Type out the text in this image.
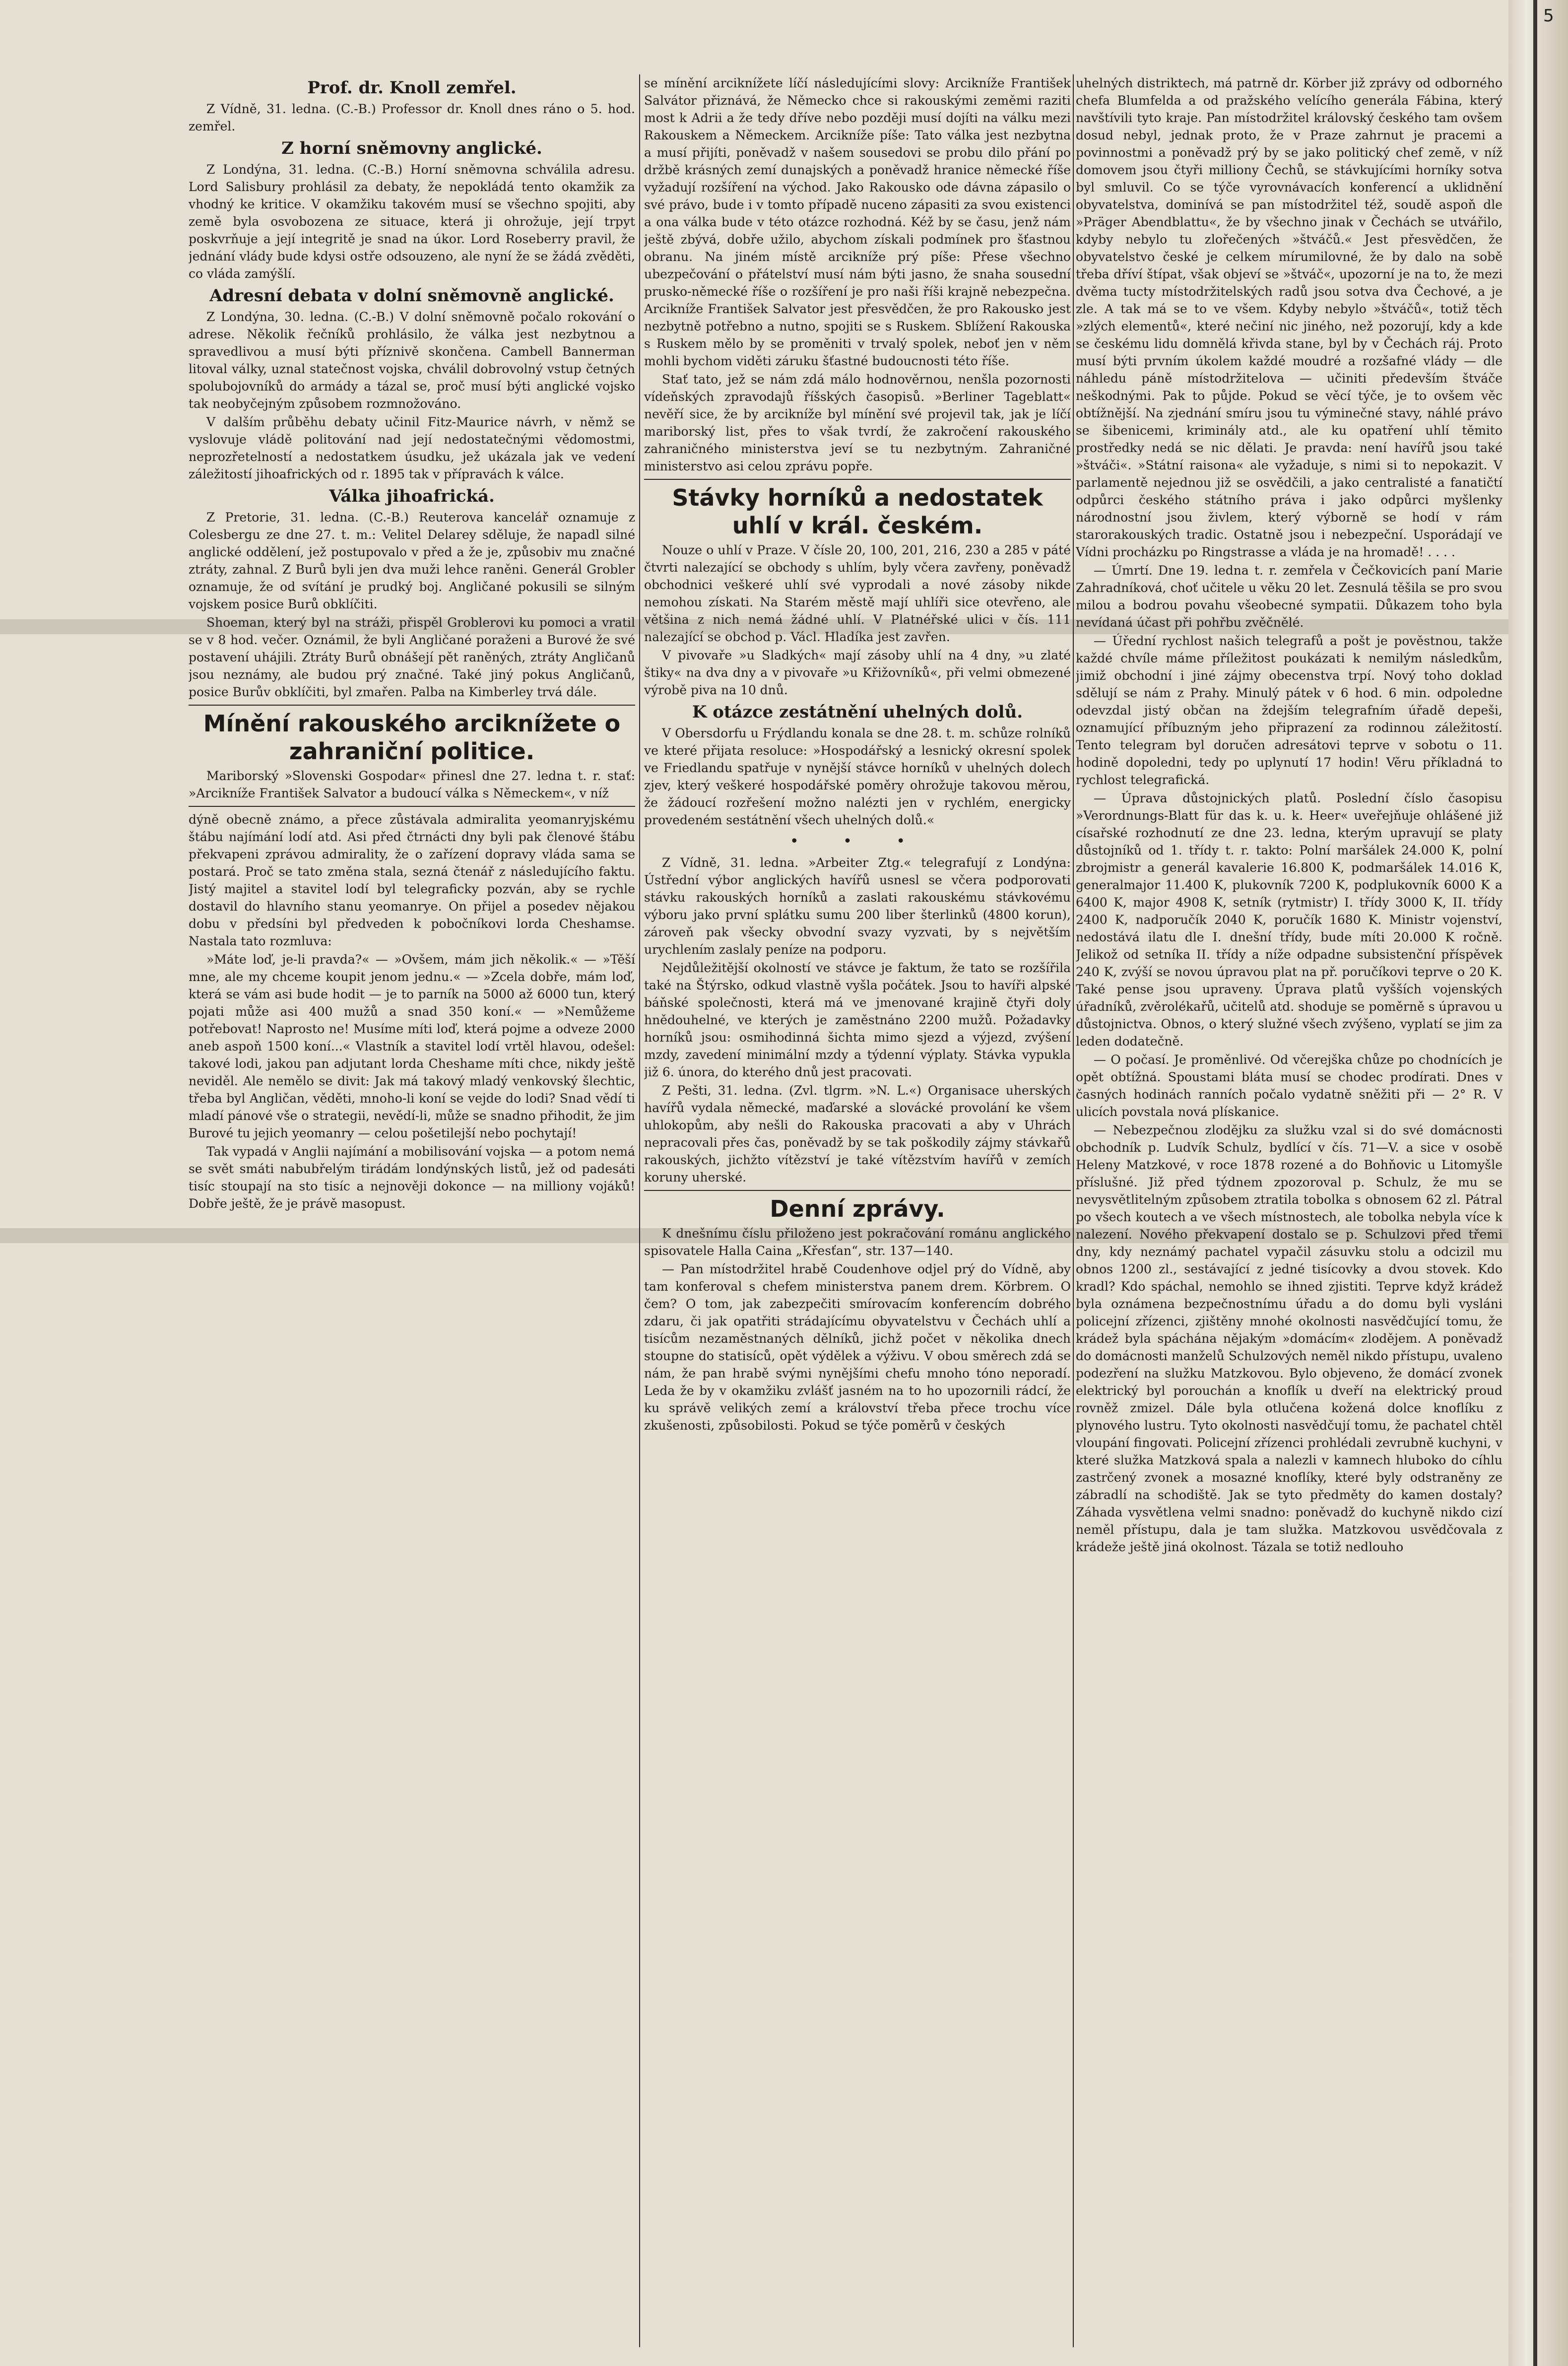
5
Prof. dr. Knoll zemřel.

Z Vídně, 31. ledna. (C.-B.) Professor dr. Knoll dnes ráno o 5. hod. zemřel.

Z horní sněmovny anglické.

Z Londýna, 31. ledna. (C.-B.) Horní sněmovna schválila adresu. Lord Salisbury prohlásil za debaty, že nepokládá tento okamžik za vhodný ke kritice. V okamžiku takovém musí se všechno spojiti, aby země byla osvobozena ze situace, která ji ohrožuje, její trpyt poskvrňuje a její integritě je snad na úkor. Lord Roseberry pravil, že jednání vlády bude kdysi ostře odsouzeno, ale nyní že se žádá zvěděti, co vláda zamýšlí.

Adresní debata v dolní sněmovně anglické.

Z Londýna, 30. ledna. (C.-B.) V dolní sněmovně počalo rokování o adrese. Několik řečníků prohlásilo, že válka jest nezbytnou a spravedlivou a musí býti příznivě skončena. Cambell Bannerman litoval války, uznal statečnost vojska, chválil dobrovolný vstup četných spolubojovníků do armády a tázal se, proč musí býti anglické vojsko tak neobyčejným způsobem rozmnožováno.

V dalším průběhu debaty učinil Fitz-Maurice návrh, v němž se vyslovuje vládě politování nad její nedostatečnými vědomostmi, neprozřetelností a nedostatkem úsudku, jež ukázala jak ve vedení záležitostí jihoafrických od r. 1895 tak v přípravách k válce.

Válka jihoafrická.

Z Pretorie, 31. ledna. (C.-B.) Reuterova kancelář oznamuje z Colesbergu ze dne 27. t. m.: Velitel Delarey sděluje, že napadl silné anglické oddělení, jež postupovalo v před a že je, způsobiv mu značné ztráty, zahnal. Z Burů byli jen dva muži lehce raněni. Generál Grobler oznamuje, že od svítání je prudký boj. Angličané pokusili se silným vojskem posice Burů obklíčiti.

Shoeman, který byl na stráži, přispěl Groblerovi ku pomoci a vratil se v 8 hod. večer. Oznámil, že byli Angličané poraženi a Burové že své postavení uhájili. Ztráty Burů obnášejí pět raněných, ztráty Angličanů jsou neznámy, ale budou prý značné. Také jiný pokus Angličanů, posice Burův obklíčiti, byl zmařen. Palba na Kimberley trvá dále.

Mínění rakouského arciknížete o zahraniční politice.

Mariborský »Slovenski Gospodar« přinesl dne 27. ledna t. r. stať: »Arcikníže František Salvator a budoucí válka s Německem«, v níž

dýně obecně známo, a přece zůstávala admiralita yeomanryjskému štábu najímání lodí atd. Asi před čtrnácti dny byli pak členové štábu překvapeni zprávou admirality, že o zařízení dopravy vláda sama se postará. Proč se tato změna stala, sezná čtenář z následujícího faktu. Jistý majitel a stavitel lodí byl telegraficky pozván, aby se rychle dostavil do hlavního stanu yeomanrye. On přijel a posedev nějakou dobu v předsíni byl předveden k pobočníkovi lorda Cheshamse. Nastala tato rozmluva:

»Máte loď, je-li pravda?« — »Ovšem, mám jich několik.« — »Těší mne, ale my chceme koupit jenom jednu.« — »Zcela dobře, mám loď, která se vám asi bude hodit — je to parník na 5000 až 6000 tun, který pojati může asi 400 mužů a snad 350 koní.« — »Nemůžeme potřebovat! Naprosto ne! Musíme míti loď, která pojme a odveze 2000 aneb aspoň 1500 koní...« Vlastník a stavitel lodí vrtěl hlavou, odešel: takové lodi, jakou pan adjutant lorda Cheshame míti chce, nikdy ještě neviděl. Ale nemělo se divit: Jak má takový mladý venkovský šlechtic, třeba byl Angličan, věděti, mnoho-li koní se vejde do lodi? Snad vědí ti mladí pánové vše o strategii, nevědí-li, může se snadno přihodit, že jim Burové tu jejich yeomanry — celou pošetilejší nebo pochytají!

Tak vypadá v Anglii najímání a mobilisování vojska — a potom nemá se svět smáti nabubřelým tirádám londýnských listů, jež od padesáti tisíc stoupají na sto tisíc a nejnověji dokonce — na milliony vojáků! Dobře ještě, že je právě masopust.

se mínění arciknížete líčí následujícími slovy: Arcikníže František Salvátor přiznává, že Německo chce si rakouskými zeměmi raziti most k Adrii a že tedy dříve nebo později musí dojíti na válku mezi Rakouskem a Německem. Arcikníže píše: Tato válka jest nezbytna a musí přijíti, poněvadž v našem sousedovi se probu dilo přání po držbě krásných zemí dunajských a poněvadž hranice německé říše vyžadují rozšíření na východ. Jako Rakousko ode dávna zápasilo o své právo, bude i v tomto případě nuceno zápasiti za svou existenci a ona válka bude v této otázce rozhodná. Kéž by se času, jenž nám ještě zbývá, dobře užilo, abychom získali podmínek pro šťastnou obranu. Na jiném místě arcikníže prý píše: Přese všechno ubezpečování o přátelství musí nám býti jasno, že snaha sousední prusko-německé říše o rozšíření je pro naši říši krajně nebezpečna. Arcikníže František Salvator jest přesvědčen, že pro Rakousko jest nezbytně potřebno a nutno, spojiti se s Ruskem. Sblížení Rakouska s Ruskem mělo by se proměniti v trvalý spolek, neboť jen v něm mohli bychom viděti záruku šťastné budoucnosti této říše.

Stať tato, jež se nám zdá málo hodnověrnou, nenšla pozornosti vídeňských zpravodajů říšských časopisů. »Berliner Tageblatt« nevěří sice, že by arcikníže byl mínění své projevil tak, jak je líčí mariborský list, přes to však tvrdí, že zakročení rakouského zahraničného ministerstva jeví se tu nezbytným. Zahraničné ministerstvo asi celou zprávu popře.

Stávky horníků a nedostatek uhlí v král. českém.

Nouze o uhlí v Praze. V čísle 20, 100, 201, 216, 230 a 285 v páté čtvrti nalezající se obchody s uhlím, byly včera zavřeny, poněvadž obchodnici veškeré uhlí své vyprodali a nové zásoby nikde nemohou získati. Na Starém městě mají uhlíři sice otevřeno, ale většina z nich nemá žádné uhlí. V Platnéřské ulici v čís. 111 nalezající se obchod p. Václ. Hladíka jest zavřen.

V pivovaře »u Sladkých« mají zásoby uhlí na 4 dny, »u zlaté štiky« na dva dny a v pivovaře »u Křižovníků«, při velmi obmezené výrobě piva na 10 dnů.

K otázce zestátnění uhelných dolů.

V Obersdorfu u Frýdlandu konala se dne 28. t. m. schůze rolníků ve které přijata resoluce: »Hospodářský a lesnický okresní spolek ve Friedlandu spatřuje v nynější stávce horníků v uhelných dolech zjev, který veškeré hospodářské poměry ohrožuje takovou měrou, že žádoucí rozřešení možno nalézti jen v rychlém, energicky provedeném sestátnění všech uhelných dolů.«

• • •

Z Vídně, 31. ledna. »Arbeiter Ztg.« telegrafují z Londýna: Ústřední výbor anglických havířů usnesl se včera podporovati stávku rakouských horníků a zaslati rakouskému stávkovému výboru jako první splátku sumu 200 liber šterlinků (4800 korun), zároveň pak všecky obvodní svazy vyzvati, by s největším urychlením zaslaly peníze na podporu.

Nejdůležitější okolností ve stávce je faktum, že tato se rozšířila také na Štýrsko, odkud vlastně vyšla počátek. Jsou to havíři alpské báňské společnosti, která má ve jmenované krajině čtyři doly hnědouhelné, ve kterých je zaměstnáno 2200 mužů. Požadavky horníků jsou: osmihodinná šichta mimo sjezd a výjezd, zvýšení mzdy, zavedení minimální mzdy a týdenní výplaty. Stávka vypukla již 6. února, do kterého dnů jest pracovati.

Z Pešti, 31. ledna. (Zvl. tlgrm. »N. L.«) Organisace uherských havířů vydala německé, maďarské a slovácké provolání ke všem uhlokopům, aby nešli do Rakouska pracovati a aby v Uhrách nepracovali přes čas, poněvadž by se tak poškodily zájmy stávkařů rakouských, jichžto vítězství je také vítězstvím havířů v zemích koruny uherské.

Denní zprávy.

K dnešnímu číslu přiloženo jest pokračování románu anglického spisovatele Halla Caina „Křesťan“, str. 137—140.

— Pan místodržitel hrabě Coudenhove odjel prý do Vídně, aby tam konferoval s chefem ministerstva panem drem. Körbrem. O čem? O tom, jak zabezpečiti smírovacím konferencím dobrého zdaru, či jak opatřiti strádajícímu obyvatelstvu v Čechách uhlí a tisícům nezaměstnaných dělníků, jichž počet v několika dnech stoupne do statisíců, opět výdělek a výživu. V obou směrech zdá se nám, že pan hrabě svými nynějšími chefu mnoho tóno neporadí. Leda že by v okamžiku zvlášť jasném na to ho upozornili rádcí, že ku správě velikých zemí a království třeba přece trochu více zkušenosti, způsobilosti. Pokud se týče poměrů v českých

uhelných distriktech, má patrně dr. Körber již zprávy od odborného chefa Blumfelda a od pražského velícího generála Fábina, který navštívili tyto kraje. Pan místodržitel královský českého tam ovšem dosud nebyl, jednak proto, že v Praze zahrnut je pracemi a povinnostmi a poněvadž prý by se jako politický chef země, v níž domovem jsou čtyři milliony Čechů, se stávkujícími horníky sotva byl smluvil. Co se týče vyrovnávacích konferencí a uklidnění obyvatelstva, dominívá se pan místodržitel též, soudě aspoň dle »Präger Abendblattu«, že by všechno jinak v Čechách se utvářilo, kdyby nebylo tu zlořečených »štváčů.« Jest přesvědčen, že obyvatelstvo české je celkem mírumilovné, že by dalo na sobě třeba dříví štípat, však objeví se »štváč«, upozorní je na to, že mezi dvěma tucty místodržitelských radů jsou sotva dva Čechové, a je zle. A tak má se to ve všem. Kdyby nebylo »štváčů«, totiž těch »zlých elementů«, které nečiní nic jiného, než pozorují, kdy a kde se českému lidu domnělá křivda stane, byl by v Čechách ráj. Proto musí býti prvním úkolem každé moudré a rozšafné vlády — dle náhledu páně místodržitelova — učiniti především štváče neškodnými. Pak to půjde. Pokud se věcí týče, je to ovšem věc obtížnější. Na zjednání smíru jsou tu výminečné stavy, náhlé právo se šibenicemi, kriminály atd., ale ku opatření uhlí těmito prostředky nedá se nic dělati. Je pravda: není havířů jsou také »štváči«. »Státní raisona« ale vyžaduje, s nimi si to nepokazit. V parlamentě nejednou již se osvědčili, a jako centralisté a fanatičtí odpůrci českého státního práva i jako odpůrci myšlenky národnostní jsou živlem, který výborně se hodí v rám starorakouských tradic. Ostatně jsou i nebezpeční. Usporádají ve Vídni procházku po Ringstrasse a vláda je na hromadě! . . . .

— Úmrtí. Dne 19. ledna t. r. zemřela v Čečkovicích paní Marie Zahradníková, choť učitele u věku 20 let. Zesnulá těšila se pro svou milou a bodrou povahu všeobecné sympatii. Důkazem toho byla nevídaná účast při pohřbu zvěčnělé.

— Úřední rychlost našich telegrafů a pošt je pověstnou, takže každé chvíle máme příležitost poukázati k nemilým následkům, jimiž obchodní i jiné zájmy obecenstva trpí. Nový toho doklad sdělují se nám z Prahy. Minulý pátek v 6 hod. 6 min. odpoledne odevzdal jistý občan na ždejším telegrafním úřadě depeši, oznamující příbuzným jeho připrazení za rodinnou záležitostí. Tento telegram byl doručen adresátovi teprve v sobotu o 11. hodině dopoledni, tedy po uplynutí 17 hodin! Věru příkladná to rychlost telegrafická.

— Úprava důstojnických platů. Poslední číslo časopisu »Verordnungs-Blatt für das k. u. k. Heer« uveřejňuje ohlášené již císařské rozhodnutí ze dne 23. ledna, kterým upravují se platy důstojníků od 1. třídy t. r. takto: Polní maršálek 24.000 K, polní zbrojmistr a generál kavalerie 16.800 K, podmaršálek 14.016 K, generalmajor 11.400 K, plukovník 7200 K, podplukovník 6000 K a 6400 K, major 4908 K, setník (rytmistr) I. třídy 3000 K, II. třídy 2400 K, nadporučík 2040 K, poručík 1680 K. Ministr vojenství, nedostává ilatu dle I. dnešní třídy, bude míti 20.000 K ročně. Jelikož od setníka II. třídy a níže odpadne subsistenční příspěvek 240 K, zvýší se novou úpravou plat na př. poručíkovi teprve o 20 K. Také pense jsou upraveny. Úprava platů vyšších vojenských úřadníků, zvěrolékařů, učitelů atd. shoduje se poměrně s úpravou u důstojnictva. Obnos, o který služné všech zvýšeno, vyplatí se jim za leden dodatečně.

— O počasí. Je proměnlivé. Od včerejška chůze po chodnících je opět obtížná. Spoustami bláta musí se chodec prodírati. Dnes v časných hodinách ranních počalo vydatně sněžiti při — 2° R. V ulicích povstala nová plískanice.

— Nebezpečnou zlodějku za služku vzal si do své domácnosti obchodník p. Ludvík Schulz, bydlící v čís. 71—V. a sice v osobě Heleny Matzkové, v roce 1878 rozené a do Bohňovic u Litomyšle příslušné. Již před týdnem zpozoroval p. Schulz, že mu se nevysvětlitelným způsobem ztratila tobolka s obnosem 62 zl. Pátral po všech koutech a ve všech místnostech, ale tobolka nebyla více k nalezení. Nového překvapení dostalo se p. Schulzovi před třemi dny, kdy neznámý pachatel vypačil zásuvku stolu a odcizil mu obnos 1200 zl., sestávající z jedné tisícovky a dvou stovek. Kdo kradl? Kdo spáchal, nemohlo se ihned zjistiti. Teprve když krádež byla oznámena bezpečnostnímu úřadu a do domu byli vysláni policejní zřízenci, zjištěny mnohé okolnosti nasvědčující tomu, že krádež byla spáchána nějakým »domácím« zlodějem. A poněvadž do domácnosti manželů Schulzových neměl nikdo přístupu, uvaleno podezření na služku Matzkovou. Bylo objeveno, že domácí zvonek elektrický byl porouchán a knoflík u dveří na elektrický proud rovněž zmizel. Dále byla otlučena kožená dolce knoflíku z plynového lustru. Tyto okolnosti nasvědčují tomu, že pachatel chtěl vloupání fingovati. Policejní zřízenci prohlédali zevrubně kuchyni, v které služka Matzková spala a nalezli v kamnech hluboko do cíhlu zastrčený zvonek a mosazné knoflíky, které byly odstraněny ze zábradlí na schodiště. Jak se tyto předměty do kamen dostaly? Záhada vysvětlena velmi snadno: poněvadž do kuchyně nikdo cizí neměl přístupu, dala je tam služka. Matzkovou usvědčovala z krádeže ještě jiná okolnost. Tázala se totiž nedlouho
